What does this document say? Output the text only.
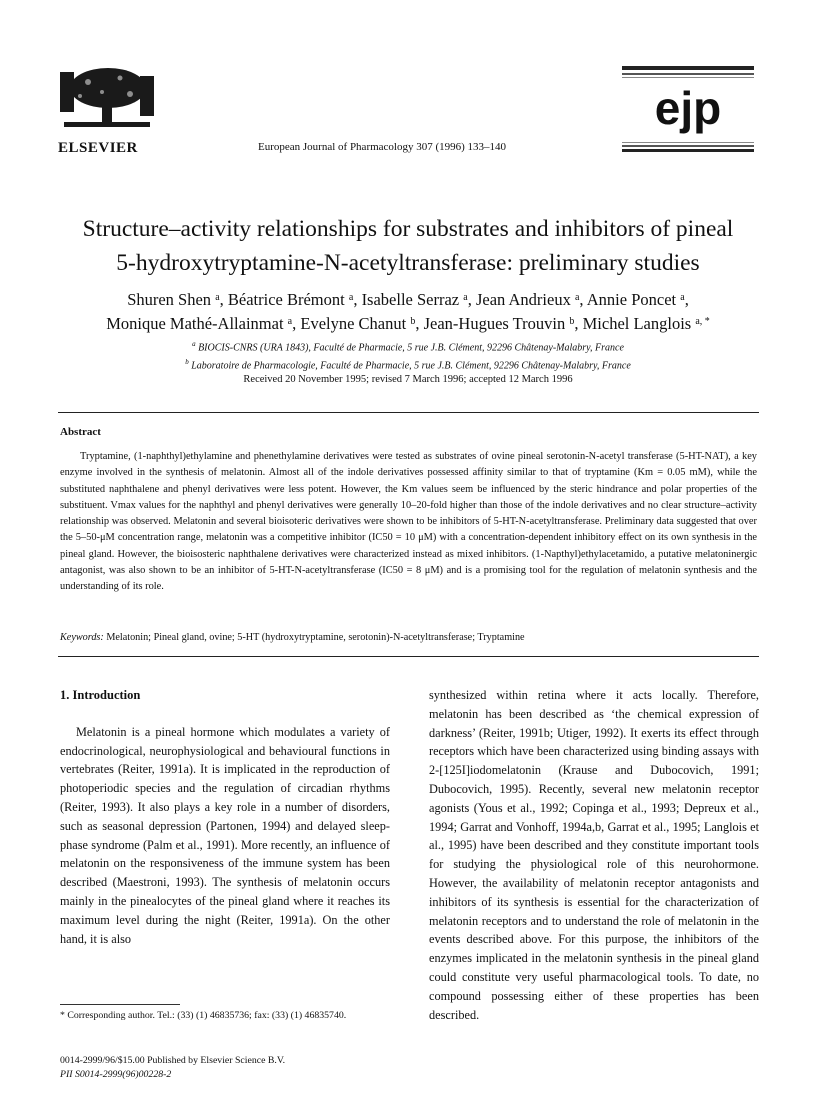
ELSEVIER	European Journal of Pharmacology 307 (1996) 133–140
ejp
Structure–activity relationships for substrates and inhibitors of pineal
5-hydroxytryptamine-N-acetyltransferase: preliminary studies
Shuren Shen $^a$, Béatrice Brémont $^a$, Isabelle Serraz $^a$, Jean Andrieux $^a$, Annie Poncet $^a$,
Monique Mathé-Allainmat $^a$, Evelyne Chanut $^b$, Jean-Hugues Trouvin $^b$, Michel Langlois $^{a, *}$
$^a$ BIOCIS-CNRS (URA 1843), Faculté de Pharmacie, 5 rue J.B. Clément, 92296 Châtenay-Malabry, France
$^b$ Laboratoire de Pharmacologie, Faculté de Pharmacie, 5 rue J.B. Clément, 92296 Châtenay-Malabry, France
Received 20 November 1995; revised 7 March 1996; accepted 12 March 1996
Abstract
Tryptamine, (1-naphthyl)ethylamine and phenethylamine derivatives were tested as substrates of ovine pineal serotonin-N-acetyl transferase (5-HT-NAT), a key enzyme involved in the synthesis of melatonin. Almost all of the indole derivatives possessed affinity similar to that of tryptamine (Km = 0.05 mM), while the substituted naphthalene and phenyl derivatives were less potent. However, the Km values seem be influenced by the steric hindrance and polar properties of the substituent. Vmax values for the naphthyl and phenyl derivatives were generally 10–20-fold higher than those of the indole derivatives and no clear structure–activity relationship was observed. Melatonin and several bioisoteric derivatives were shown to be inhibitors of 5-HT-N-acetyltransferase. Preliminary data suggested that over the 5–50-μM concentration range, melatonin was a competitive inhibitor (IC50 = 10 μM) with a concentration-dependent inhibitory effect on its own synthesis in the pineal gland. However, the bioisosteric naphthalene derivatives were characterized instead as mixed inhibitors. (1-Napthyl)ethylacetamido, a putative melatoninergic antagonist, was also shown to be an inhibitor of 5-HT-N-acetyltransferase (IC50 = 8 μM) and is a promising tool for the regulation of melatonin synthesis and the understanding of its role.
Keywords: Melatonin; Pineal gland, ovine; 5-HT (hydroxytryptamine, serotonin)-N-acetyltransferase; Tryptamine
1. Introduction

Melatonin is a pineal hormone which modulates a variety of endocrinological, neurophysiological and behavioural functions in vertebrates (Reiter, 1991a). It is implicated in the reproduction of photoperiodic species and the regulation of circadian rhythms (Reiter, 1993). It also plays a key role in a number of disorders, such as seasonal depression (Partonen, 1994) and delayed sleep-phase syndrome (Palm et al., 1991). More recently, an influence of melatonin on the responsiveness of the immune system has been described (Maestroni, 1993). The synthesis of melatonin occurs mainly in the pinealocytes of the pineal gland where it reaches its maximum level during the night (Reiter, 1991a). On the other hand, it is also

synthesized within retina where it acts locally. Therefore, melatonin has been described as ‘the chemical expression of darkness’ (Reiter, 1991b; Utiger, 1992). It exerts its effect through receptors which have been characterized using binding assays with 2-[125I]iodomelatonin (Krause and Dubocovich, 1991; Dubocovich, 1995). Recently, several new melatonin receptor agonists (Yous et al., 1992; Copinga et al., 1993; Depreux et al., 1994; Garrat and Vonhoff, 1994a,b, Garrat et al., 1995; Langlois et al., 1995) have been described and they constitute important tools for studying the physiological role of this neurohormone. However, the availability of melatonin receptor antagonists and inhibitors of its synthesis is essential for the characterization of melatonin receptors and to understand the role of melatonin in the events described above. For this purpose, the inhibitors of the enzymes implicated in the melatonin synthesis in the pineal gland could constitute very useful pharmacological tools. To date, no compound possessing either of these properties has been described.

* Corresponding author. Tel.: (33) (1) 46835736; fax: (33) (1) 46835740.
0014-2999/96/$15.00 Published by Elsevier Science B.V.
PII S0014-2999(96)00228-2
